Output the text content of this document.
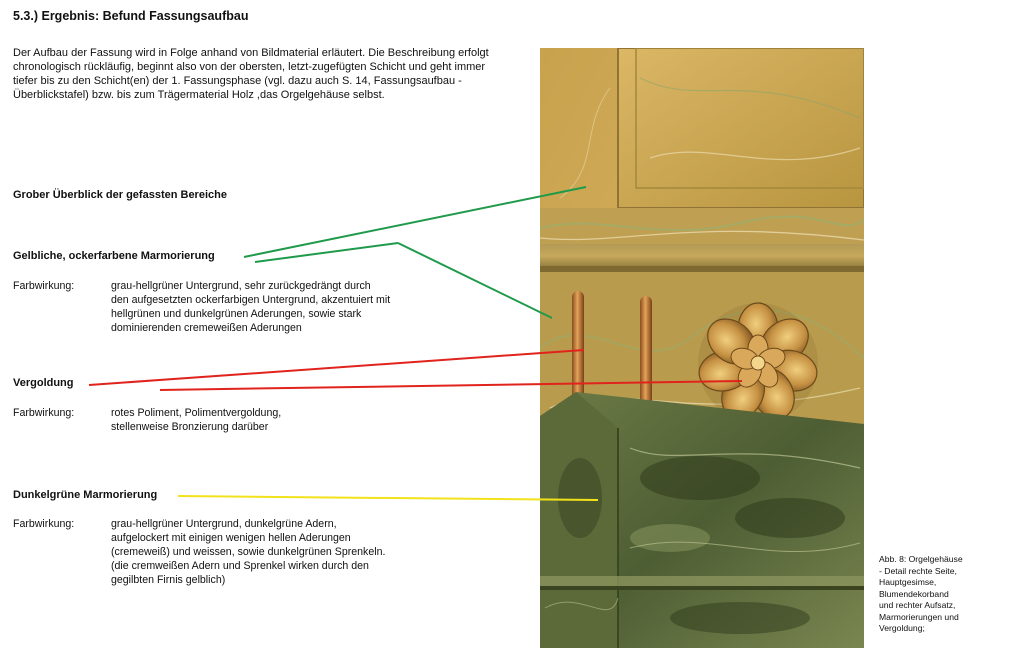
5.3.) Ergebnis: Befund Fassungsaufbau
Der Aufbau der Fassung wird in Folge anhand von Bildmaterial erläutert. Die Beschreibung erfolgt chronologisch rückläufig, beginnt also von der obersten, letzt-zugefügten Schicht und geht immer tiefer bis zu den Schicht(en) der 1. Fassungsphase (vgl. dazu auch S. 14, Fassungsaufbau - Überblickstafel) bzw. bis zum Trägermaterial Holz ,das Orgelgehäuse selbst.
Grober Überblick der gefassten Bereiche
Gelbliche, ockerfarbene Marmorierung
Farbwirkung:	grau-hellgrüner Untergrund, sehr zurückgedrängt durch
den aufgesetzten ockerfarbigen Untergrund, akzentuiert mit
hellgrünen und dunkelgrünen Aderungen, sowie stark
dominierenden cremeweißen Aderungen
Vergoldung
Farbwirkung:	rotes Poliment, Polimentvergoldung,
stellenweise Bronzierung darüber
Dunkelgrüne Marmorierung
Farbwirkung:	grau-hellgrüner Untergrund, dunkelgrüne Adern,
aufgelockert mit einigen wenigen hellen Aderungen
(cremeweiß) und weissen, sowie dunkelgrünen Sprenkeln.
(die cremweißen Adern und Sprenkel wirken durch den
gegilbten Firnis gelblich)
Abb. 8: Orgelgehäuse
- Detail rechte Seite,
Hauptgesimse,
Blumendekorband
und rechter Aufsatz,
Marmorierungen und
Vergoldung;
